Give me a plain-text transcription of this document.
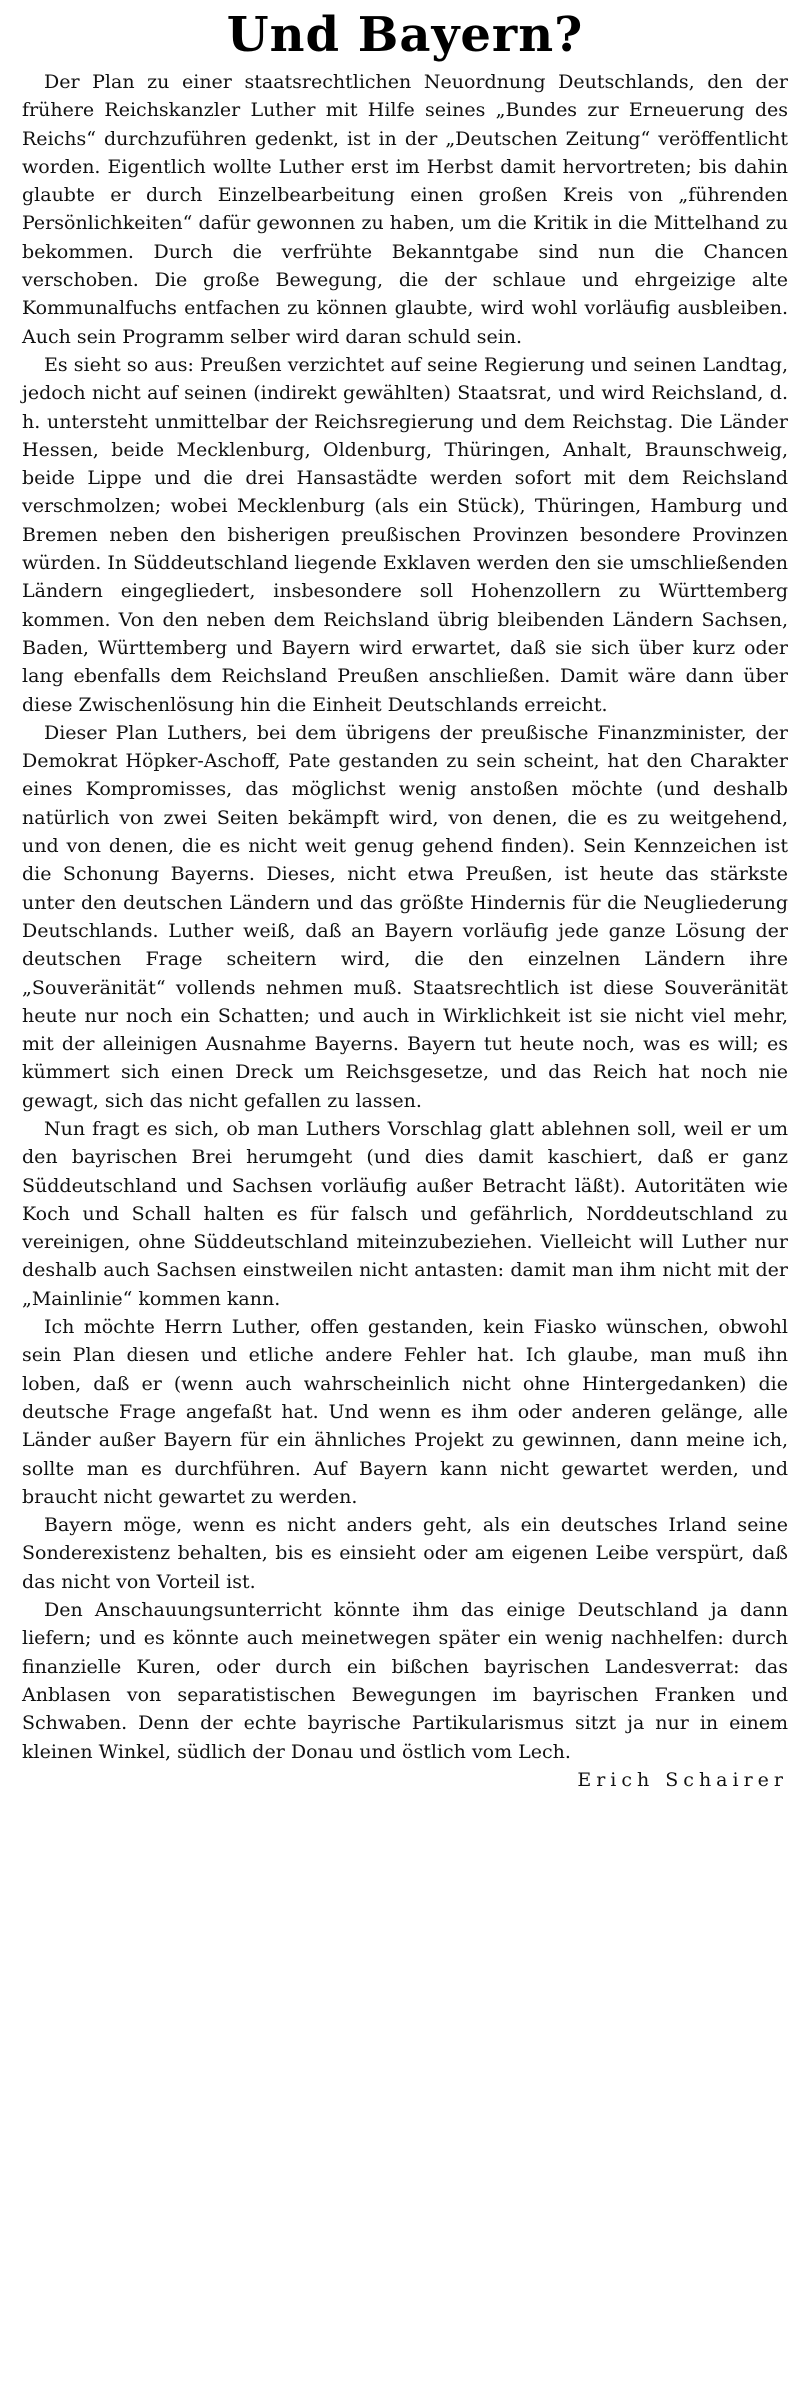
Und Bayern?

Der Plan zu einer staatsrechtlichen Neuordnung Deutschlands, den der frühere Reichskanzler Luther mit Hilfe seines „Bundes zur Erneuerung des Reichs“ durchzuführen gedenkt, ist in der „Deutschen Zeitung“ veröffentlicht worden. Eigentlich wollte Luther erst im Herbst damit hervortreten; bis dahin glaubte er durch Einzelbearbeitung einen großen Kreis von „führenden Persönlichkeiten“ dafür gewonnen zu haben, um die Kritik in die Mittelhand zu bekommen. Durch die verfrühte Bekanntgabe sind nun die Chancen verschoben. Die große Bewegung, die der schlaue und ehrgeizige alte Kommunalfuchs entfachen zu können glaubte, wird wohl vorläufig ausbleiben. Auch sein Programm selber wird daran schuld sein.

Es sieht so aus: Preußen verzichtet auf seine Regierung und seinen Landtag, jedoch nicht auf seinen (indirekt gewählten) Staatsrat, und wird Reichsland, d. h. untersteht unmittelbar der Reichsregierung und dem Reichstag. Die Länder Hessen, beide Mecklenburg, Oldenburg, Thüringen, Anhalt, Braunschweig, beide Lippe und die drei Hansastädte werden sofort mit dem Reichsland verschmolzen; wobei Mecklenburg (als ein Stück), Thüringen, Hamburg und Bremen neben den bisherigen preußischen Provinzen besondere Provinzen würden. In Süddeutschland liegende Exklaven werden den sie umschließenden Ländern eingegliedert, insbesondere soll Hohenzollern zu Württemberg kommen. Von den neben dem Reichsland übrig bleibenden Ländern Sachsen, Baden, Württemberg und Bayern wird erwartet, daß sie sich über kurz oder lang ebenfalls dem Reichsland Preußen anschließen. Damit wäre dann über diese Zwischenlösung hin die Einheit Deutschlands erreicht.

Dieser Plan Luthers, bei dem übrigens der preußische Finanzminister, der Demokrat Höpker-Aschoff, Pate gestanden zu sein scheint, hat den Charakter eines Kompromisses, das möglichst wenig anstoßen möchte (und deshalb natürlich von zwei Seiten bekämpft wird, von denen, die es zu weitgehend, und von denen, die es nicht weit genug gehend finden). Sein Kennzeichen ist die Schonung Bayerns. Dieses, nicht etwa Preußen, ist heute das stärkste unter den deutschen Ländern und das größte Hindernis für die Neugliederung Deutschlands. Luther weiß, daß an Bayern vorläufig jede ganze Lösung der deutschen Frage scheitern wird, die den einzelnen Ländern ihre „Souveränität“ vollends nehmen muß. Staatsrechtlich ist diese Souveränität heute nur noch ein Schatten; und auch in Wirklichkeit ist sie nicht viel mehr, mit der alleinigen Ausnahme Bayerns. Bayern tut heute noch, was es will; es kümmert sich einen Dreck um Reichsgesetze, und das Reich hat noch nie gewagt, sich das nicht gefallen zu lassen.

Nun fragt es sich, ob man Luthers Vorschlag glatt ablehnen soll, weil er um den bayrischen Brei herumgeht (und dies damit kaschiert, daß er ganz Süddeutschland und Sachsen vorläufig außer Betracht läßt). Autoritäten wie Koch und Schall halten es für falsch und gefährlich, Norddeutschland zu vereinigen, ohne Süddeutschland miteinzubeziehen. Vielleicht will Luther nur deshalb auch Sachsen einstweilen nicht antasten: damit man ihm nicht mit der „Mainlinie“ kommen kann.

Ich möchte Herrn Luther, offen gestanden, kein Fiasko wünschen, obwohl sein Plan diesen und etliche andere Fehler hat. Ich glaube, man muß ihn loben, daß er (wenn auch wahrscheinlich nicht ohne Hintergedanken) die deutsche Frage angefaßt hat. Und wenn es ihm oder anderen gelänge, alle Länder außer Bayern für ein ähnliches Projekt zu gewinnen, dann meine ich, sollte man es durchführen. Auf Bayern kann nicht gewartet werden, und braucht nicht gewartet zu werden.

Bayern möge, wenn es nicht anders geht, als ein deutsches Irland seine Sonderexistenz behalten, bis es einsieht oder am eigenen Leibe verspürt, daß das nicht von Vorteil ist.

Den Anschauungsunterricht könnte ihm das einige Deutschland ja dann liefern; und es könnte auch meinetwegen später ein wenig nachhelfen: durch finanzielle Kuren, oder durch ein bißchen bayrischen Landesverrat: das Anblasen von separatistischen Bewegungen im bayrischen Franken und Schwaben. Denn der echte bayrische Partikularismus sitzt ja nur in einem kleinen Winkel, südlich der Donau und östlich vom Lech.
Erich Schairer
